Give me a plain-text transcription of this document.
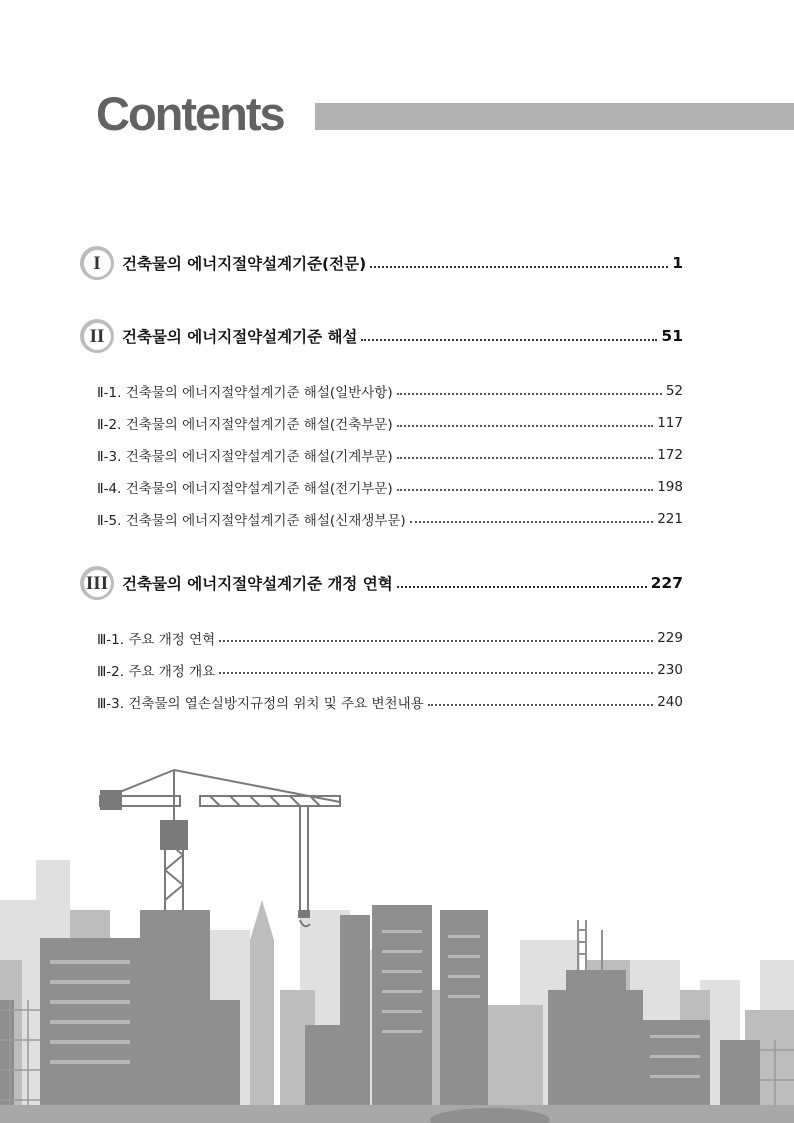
Contents
I	건축물의 에너지절약설계기준(전문)	1
II	건축물의 에너지절약설계기준 해설	51
Ⅱ-1. 건축물의 에너지절약설계기준 해설(일반사항)	52
Ⅱ-2. 건축물의 에너지절약설계기준 해설(건축부문)	117
Ⅱ-3. 건축물의 에너지절약설계기준 해설(기계부문)	172
Ⅱ-4. 건축물의 에너지절약설계기준 해설(전기부문)	198
Ⅱ-5. 건축물의 에너지절약설계기준 해설(신재생부문)	221
III 건축물의 에너지절약설계기준 개정 연혁	227
Ⅲ-1. 주요 개정 연혁	229
Ⅲ-2. 주요 개정 개요	230
Ⅲ-3. 건축물의 열손실방지규정의 위치 및 주요 변천내용	240
